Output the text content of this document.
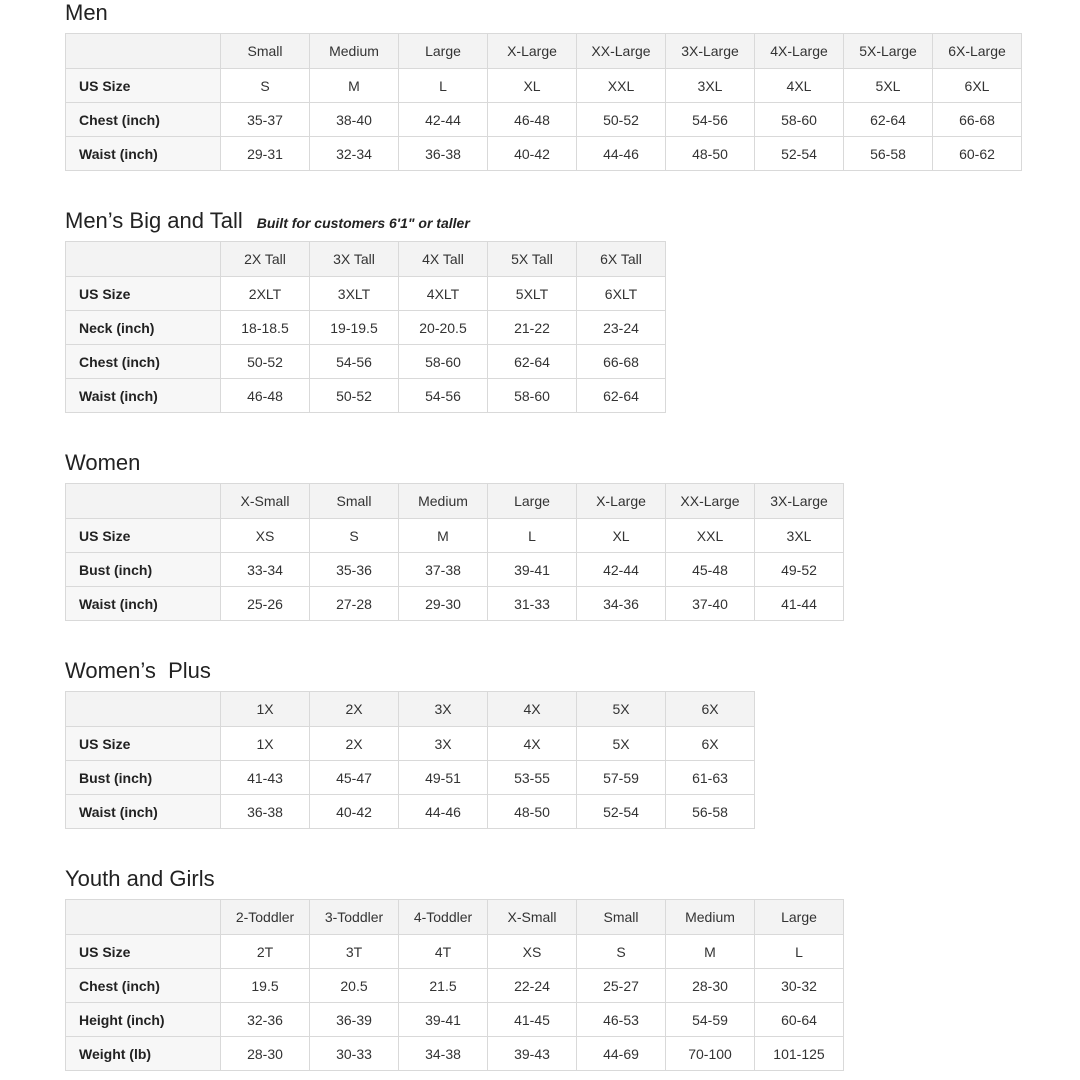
Men
	Small	Medium	Large	X-Large	XX-Large	3X-Large	4X-Large	5X-Large	6X-Large
US Size	S	M	L	XL	XXL	3XL	4XL	5XL	6XL
Chest (inch)	35-37	38-40	42-44	46-48	50-52	54-56	58-60	62-64	66-68
Waist (inch)	29-31	32-34	36-38	40-42	44-46	48-50	52-54	56-58	60-62
Men’s Big and Tall Built for customers 6'1" or taller
	2X Tall	3X Tall	4X Tall	5X Tall	6X Tall
US Size	2XLT	3XLT	4XLT	5XLT	6XLT
Neck (inch)	18-18.5	19-19.5	20-20.5	21-22	23-24
Chest (inch)	50-52	54-56	58-60	62-64	66-68
Waist (inch)	46-48	50-52	54-56	58-60	62-64
Women
	X-Small	Small	Medium	Large	X-Large	XX-Large	3X-Large
US Size	XS	S	M	L	XL	XXL	3XL
Bust (inch)	33-34	35-36	37-38	39-41	42-44	45-48	49-52
Waist (inch)	25-26	27-28	29-30	31-33	34-36	37-40	41-44
Women’s  Plus
	1X	2X	3X	4X	5X	6X
US Size	1X	2X	3X	4X	5X	6X
Bust (inch)	41-43	45-47	49-51	53-55	57-59	61-63
Waist (inch)	36-38	40-42	44-46	48-50	52-54	56-58
Youth and Girls
	2-Toddler	3-Toddler	4-Toddler	X-Small	Small	Medium	Large
US Size	2T	3T	4T	XS	S	M	L
Chest (inch)	19.5	20.5	21.5	22-24	25-27	28-30	30-32
Height (inch)	32-36	36-39	39-41	41-45	46-53	54-59	60-64
Weight (lb)	28-30	30-33	34-38	39-43	44-69	70-100	101-125
